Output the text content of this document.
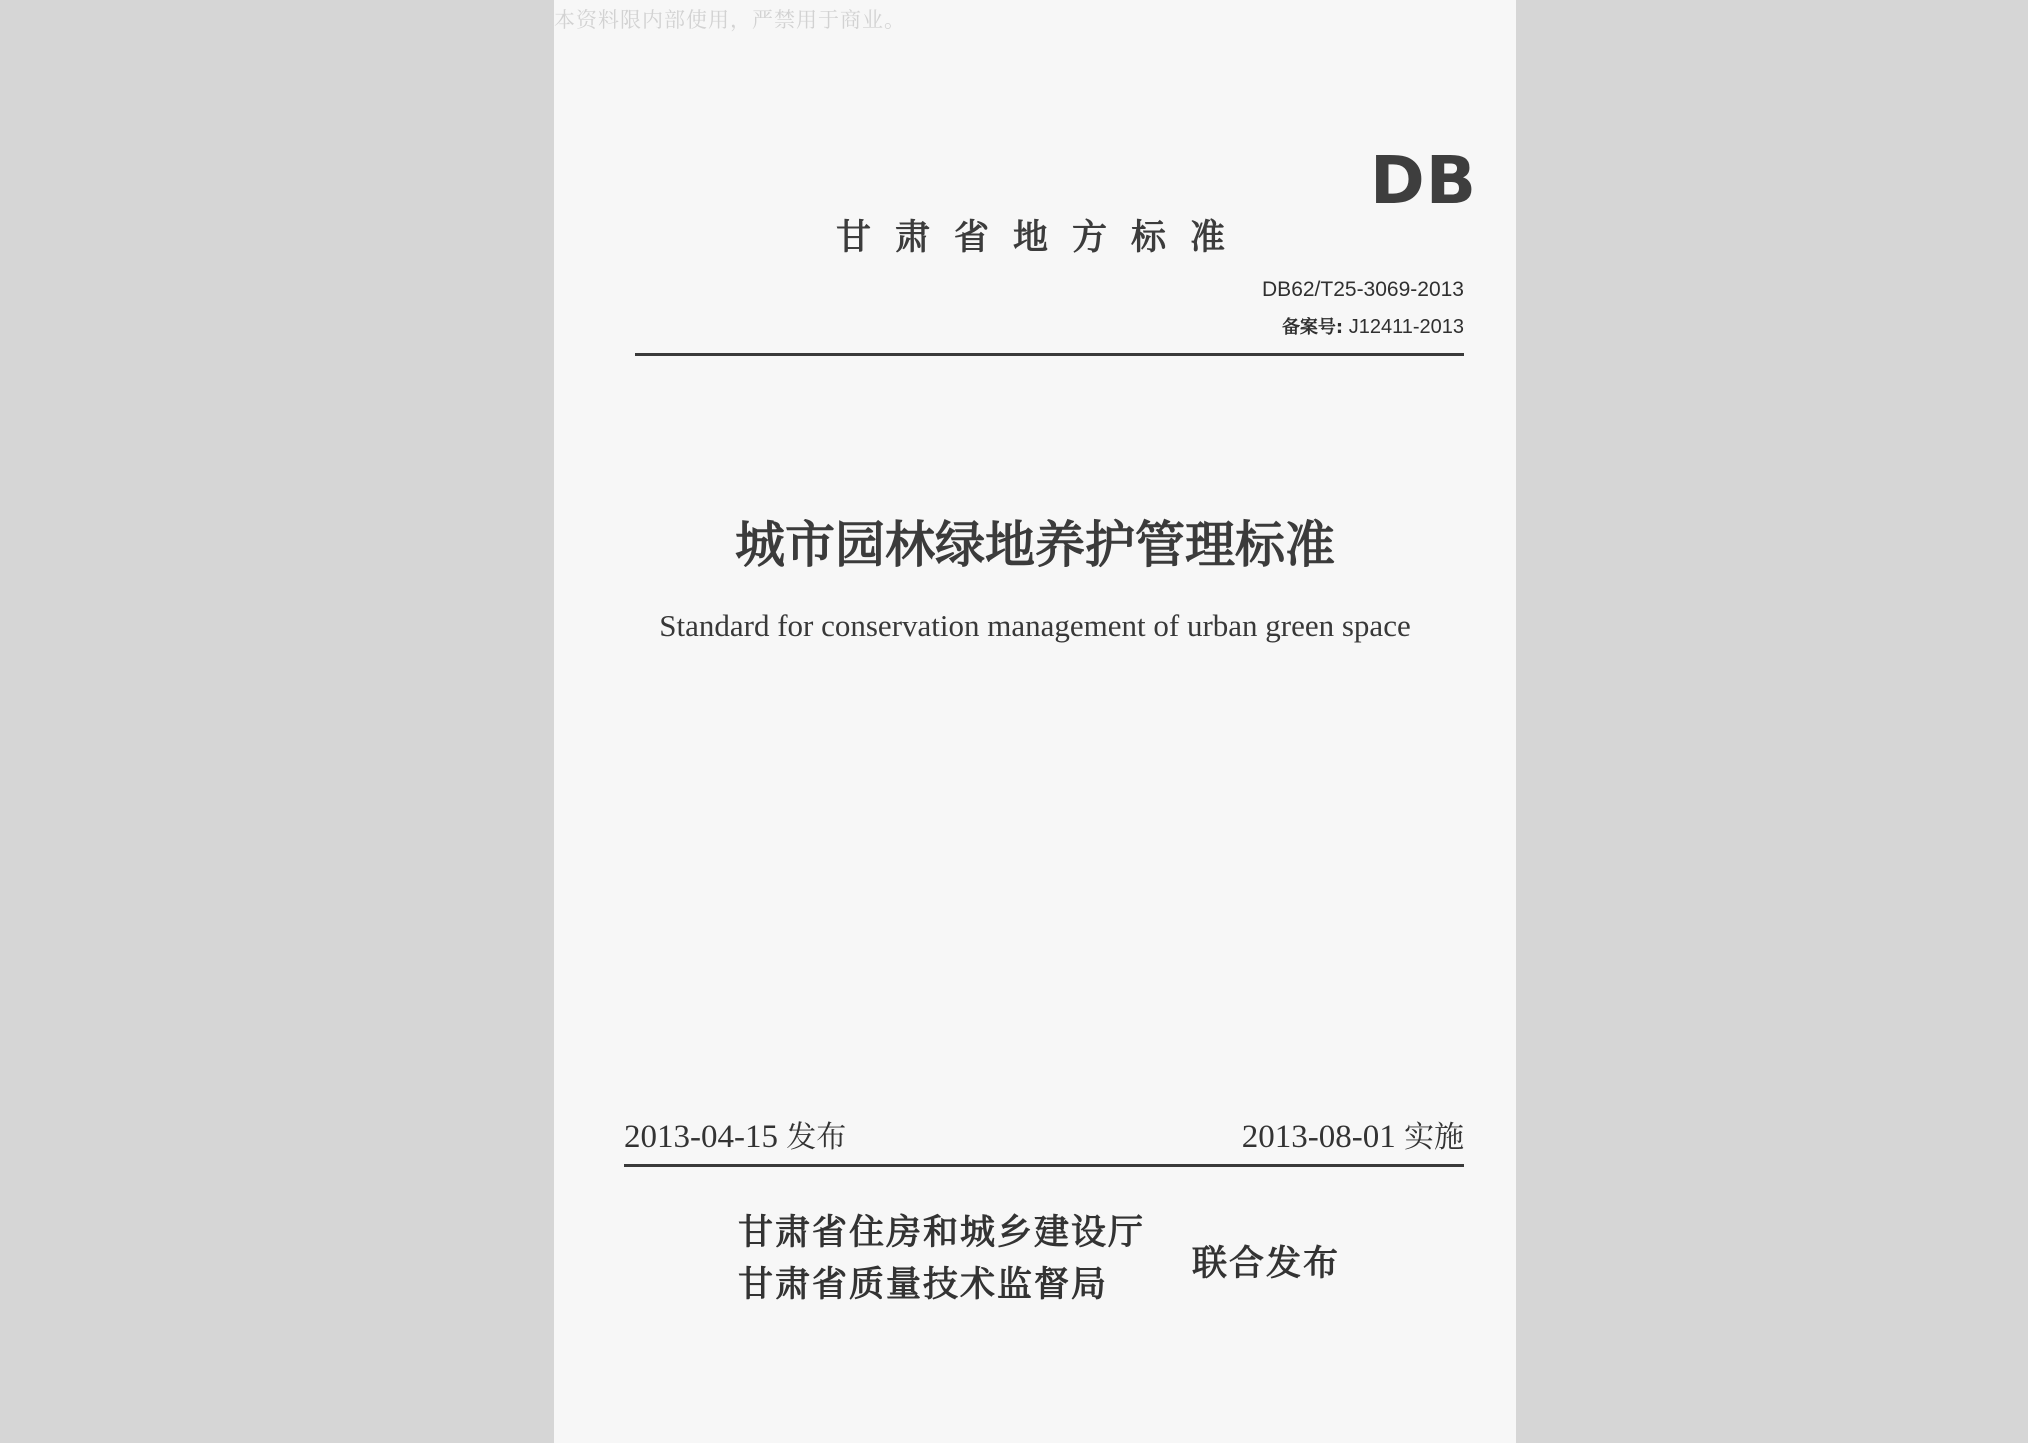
本资料限内部使用，严禁用于商业。
DB
甘肃省地方标准
DB62/T25-3069-2013
备案号: J12411-2013
城市园林绿地养护管理标准
Standard for conservation management of urban green space
2013-04-15 发布	2013-08-01 实施
甘肃省住房和城乡建设厅
甘肃省质量技术监督局
联合发布
